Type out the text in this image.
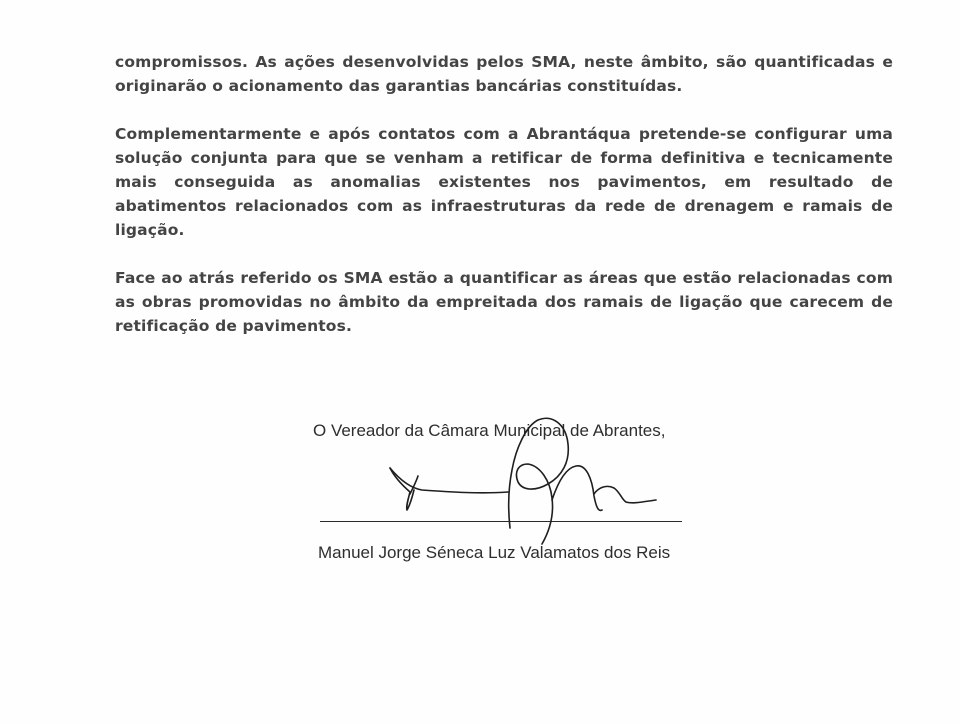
compromissos. As ações desenvolvidas pelos SMA, neste âmbito, são quantificadas e originarão o acionamento das garantias bancárias constituídas.

Complementarmente e após contatos com a Abrantáqua pretende-se configurar uma solução conjunta para que se venham a retificar de forma definitiva e tecnicamente mais conseguida as anomalias existentes nos pavimentos, em resultado de abatimentos relacionados com as infraestruturas da rede de drenagem e ramais de ligação.

Face ao atrás referido os SMA estão a quantificar as áreas que estão relacionadas com as obras promovidas no âmbito da empreitada dos ramais de ligação que carecem de retificação de pavimentos.

O Vereador da Câmara Municipal de Abrantes,
Manuel Jorge Séneca Luz Valamatos dos Reis
